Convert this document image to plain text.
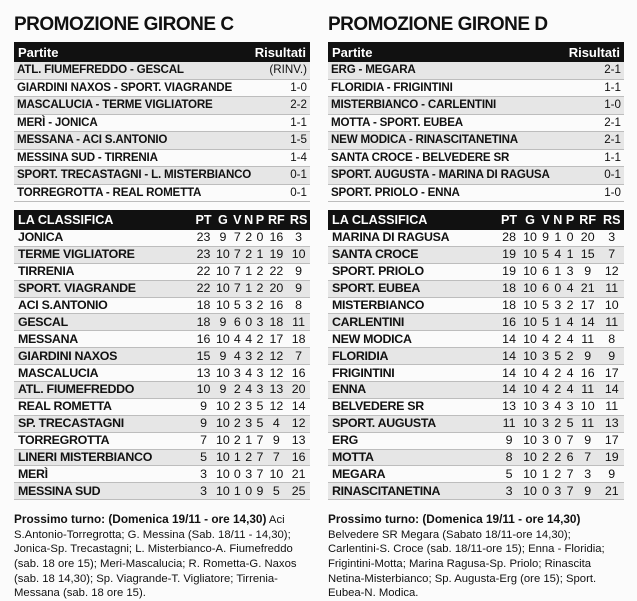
PROMOZIONE GIRONE C
Partite	Risultati
ATL. FIUMEFREDDO - GESCAL	(RINV.)
GIARDINI NAXOS - SPORT. VIAGRANDE	1-0
MASCALUCIA - TERME VIGLIATORE	2-2
MERÌ - JONICA	1-1
MESSANA - ACI S.ANTONIO	1-5
MESSINA SUD - TIRRENIA	1-4
SPORT. TRECASTAGNI - L. MISTERBIANCO	0-1
TORREGROTTA - REAL ROMETTA	0-1
LA CLASSIFICA	PT	G	V	N	P	RF	RS
JONICA	23	9	7	2	0	16	3
TERME VIGLIATORE	23	10	7	2	1	19	10
TIRRENIA	22	10	7	1	2	22	9
SPORT. VIAGRANDE	22	10	7	1	2	20	9
ACI S.ANTONIO	18	10	5	3	2	16	8
GESCAL	18	9	6	0	3	18	11
MESSANA	16	10	4	4	2	17	18
GIARDINI NAXOS	15	9	4	3	2	12	7
MASCALUCIA	13	10	3	4	3	12	16
ATL. FIUMEFREDDO	10	9	2	4	3	13	20
REAL ROMETTA	9	10	2	3	5	12	14
SP. TRECASTAGNI	9	10	2	3	5	4	12
TORREGROTTA	7	10	2	1	7	9	13
LINERI MISTERBIANCO	5	10	1	2	7	7	16
MERÌ	3	10	0	3	7	10	21
MESSINA SUD	3	10	1	0	9	5	25
Prossimo turno: (Domenica 19/11 - ore 14,30) Aci S.Antonio-Torregrotta; G. Messina (Sab. 18/11 - 14,30); Jonica-Sp. Trecastagni; L. Misterbianco-A. Fiumefreddo (sab. 18 ore 15); Meri-Mascalucia; R. Rometta-G. Naxos (sab. 18 14,30); Sp. Viagrande-T. Vigliatore; Tirrenia-Messana (sab. 18 ore 15).
PROMOZIONE GIRONE D
Partite	Risultati
ERG - MEGARA	2-1
FLORIDIA - FRIGINTINI	1-1
MISTERBIANCO - CARLENTINI	1-0
MOTTA - SPORT. EUBEA	2-1
NEW MODICA - RINASCITANETINA	2-1
SANTA CROCE - BELVEDERE SR	1-1
SPORT. AUGUSTA - MARINA DI RAGUSA	0-1
SPORT. PRIOLO - ENNA	1-0
LA CLASSIFICA	PT	G	V	N	P	RF	RS
MARINA DI RAGUSA	28	10	9	1	0	20	3
SANTA CROCE	19	10	5	4	1	15	7
SPORT. PRIOLO	19	10	6	1	3	9	12
SPORT. EUBEA	18	10	6	0	4	21	11
MISTERBIANCO	18	10	5	3	2	17	10
CARLENTINI	16	10	5	1	4	14	11
NEW MODICA	14	10	4	2	4	11	8
FLORIDIA	14	10	3	5	2	9	9
FRIGINTINI	14	10	4	2	4	16	17
ENNA	14	10	4	2	4	11	14
BELVEDERE SR	13	10	3	4	3	10	11
SPORT. AUGUSTA	11	10	3	2	5	11	13
ERG	9	10	3	0	7	9	17
MOTTA	8	10	2	2	6	7	19
MEGARA	5	10	1	2	7	3	9
RINASCITANETINA	3	10	0	3	7	9	21
Prossimo turno: (Domenica 19/11 - ore 14,30) Belvedere SR Megara (Sabato 18/11-ore 14,30); Carlentini-S. Croce (sab. 18/11-ore 15); Enna - Floridia; Frigintini-Motta; Marina Ragusa-Sp. Priolo; Rinascita Netina-Misterbianco; Sp. Augusta-Erg (ore 15); Sport. Eubea-N. Modica.
